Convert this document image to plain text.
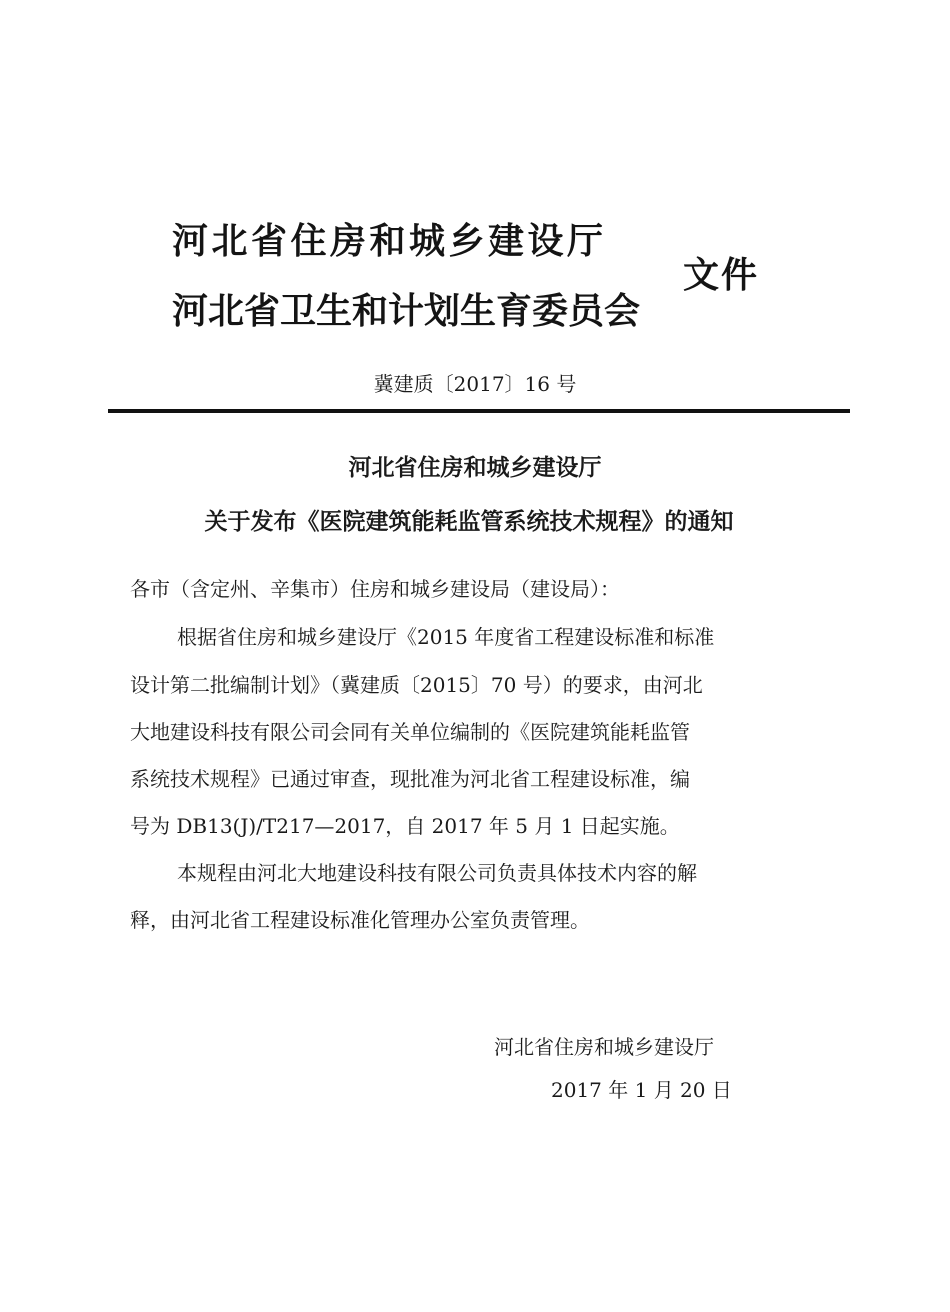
河北省住房和城乡建设厅
河北省卫生和计划生育委员会
文件
冀建质〔2017〕16 号
河北省住房和城乡建设厅
关于发布《医院建筑能耗监管系统技术规程》的通知
各市（含定州、辛集市）住房和城乡建设局（建设局）：
根据省住房和城乡建设厅《2015 年度省工程建设标准和标准
设计第二批编制计划》（冀建质〔2015〕70 号）的要求，由河北
大地建设科技有限公司会同有关单位编制的《医院建筑能耗监管
系统技术规程》已通过审查，现批准为河北省工程建设标准，编
号为 DB13(J)/T217—2017，自 2017 年 5 月 1 日起实施。
本规程由河北大地建设科技有限公司负责具体技术内容的解
释，由河北省工程建设标准化管理办公室负责管理。
河北省住房和城乡建设厅
2017 年 1 月 20 日
